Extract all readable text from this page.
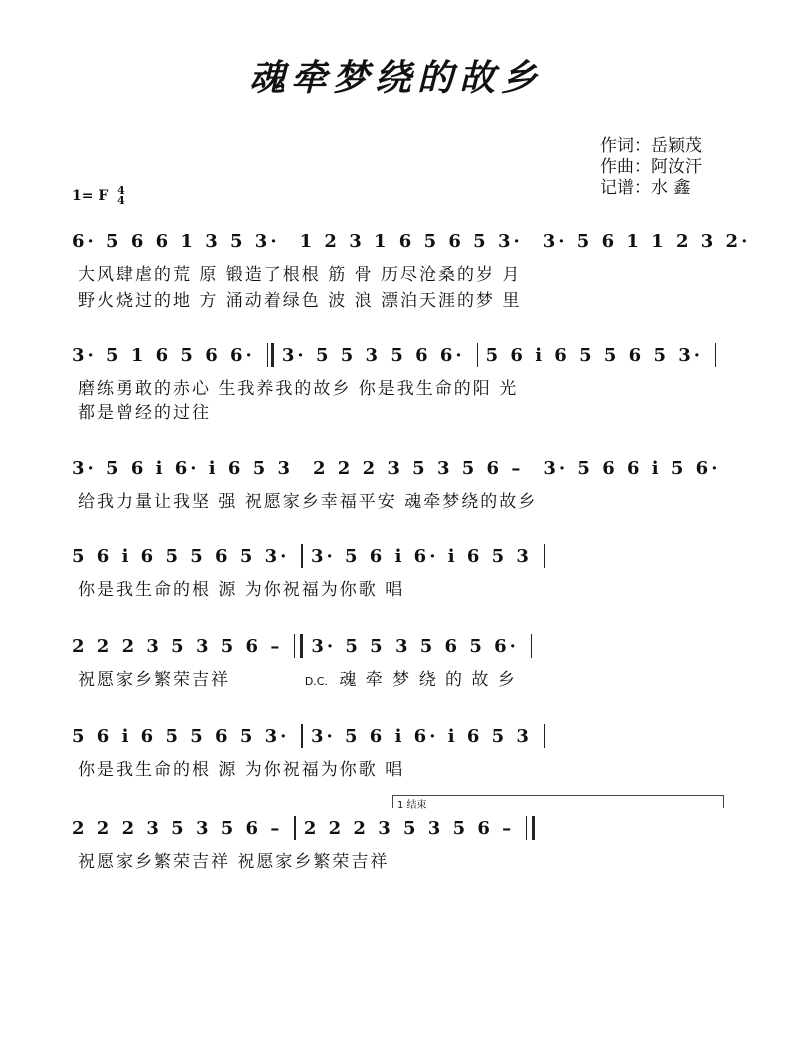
魂牵梦绕的故乡
作词：岳颖茂
作曲：阿汝汗
记谱：水 鑫
1= F 4
4
6· 5 6 6 1 3 5 3· 1 2 3 1 6 5 6 5 3· 3· 5 6 1 1 2 3 2·
大风肆虐的荒 原 锻造了根根 筋 骨 历尽沧桑的岁 月
野火烧过的地 方 涌动着绿色 波 浪 漂泊天涯的梦 里
3· 5 1 6 5 6 6· 3· 5 5 3 5 6 6· 5 6 i 6 5 5 6 5 3·
磨练勇敢的赤心 生我养我的故乡 你是我生命的阳 光
都是曾经的过往
3· 5 6 i 6· i 6 5 3 2 2 2 3 5 3 5 6 – 3· 5 6 6 i 5 6·
给我力量让我坚 强 祝愿家乡幸福平安 魂牵梦绕的故乡
5 6 i 6 5 5 6 5 3· 3· 5 6 i 6· i 6 5 3
你是我生命的根 源 为你祝福为你歌 唱
2 2 2 3 5 3 5 6 – 3· 5 5 3 5 6 5 6·
祝愿家乡繁荣吉祥	D.C. 魂 牵 梦 绕 的 故 乡
5 6 i 6 5 5 6 5 3· 3· 5 6 i 6· i 6 5 3
你是我生命的根 源 为你祝福为你歌 唱
1 结束
2 2 2 3 5 3 5 6 – 2 2 2 3 5 3 5 6 –
祝愿家乡繁荣吉祥 祝愿家乡繁荣吉祥
